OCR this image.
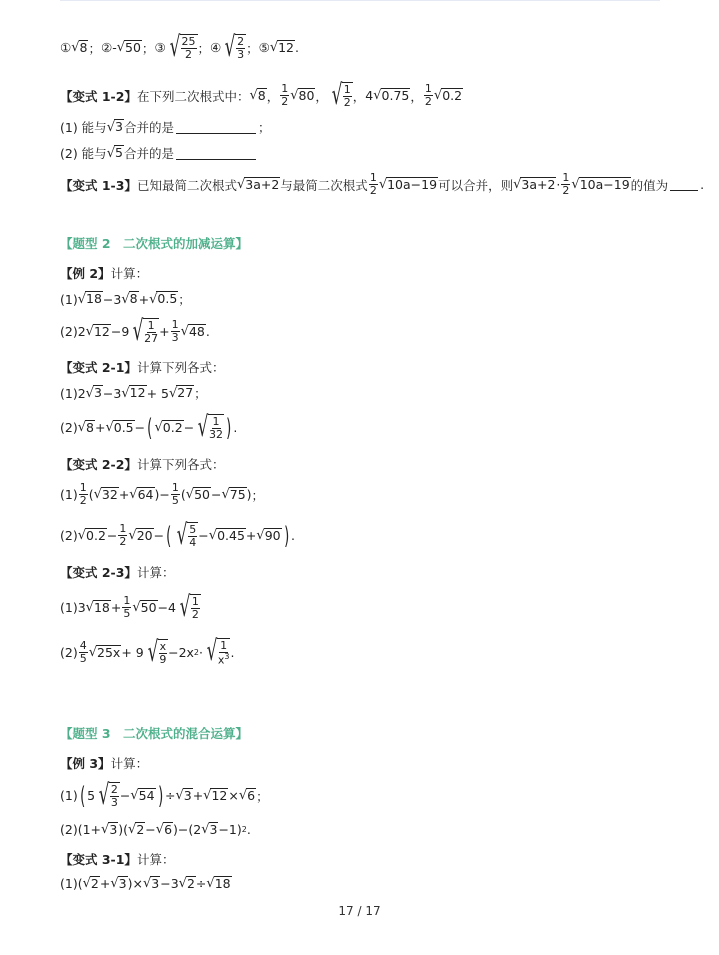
① √ 8 ； ② - √ 50 ； ③ √ $\frac{25}{2}$ ； ④ √ $\frac{2}{3}$ ； ⑤ √ 12 .
【变式 1-2】 在下列二次根式中： √ 8 ， $\frac{1}{2}$ √ 80 ， √ $\frac{1}{2}$ ， 4 √ 0.75 ， $\frac{1}{2}$ √ 0.2
(1) 能与 √ 3 合并的是	；
(2) 能与 √ 5 合并的是
【变式 1-3】 已知最简二次根式 √ 3a+2 与最简二次根式 $\frac{1}{2}$ √ 10a−19 可以合并，则 √ $3a+2 \cdot \frac{1}{2}$ √ 10a−19 的值为	.
【题型 2　二次根式的加减运算】
【例 2】 计算：
(1) √ 18 −3 √ 8 + √ 0.5 ；
(2)2 √ 12 −9 √ $\frac{1}{27} + \frac{1}{3}$ √ 48 .
【变式 2-1】 计算下列各式：
(1)2 √ 3 −3 √ 12 + 5 √ 27 ；
(2) √ 8 + √ 0.5 − ( √ 0.2 − √ $\frac{1}{32}$ ) .
【变式 2-2】 计算下列各式：
$(1) \frac{1}{2}$ ( √ 32 + √ 64 ) − $\frac{1}{5}$ ( √ 50 − √ 75 ) ；
(2) √ $0.2 - \frac{1}{2}$ √ 20 − ( √ $\frac{5}{4}$ − √ 0.45 + √ 90 ) .
【变式 2-3】 计算：
(1)3 √ $18 + \frac{1}{5}$ √ 50 −4 √ $\frac{1}{2}$
$(2) \frac{4}{5}$ √ 25x + 9 √ $\frac{x}{9} -2x$ 2 · √ $\frac{1}{x^3}$ .
【题型 3　二次根式的混合运算】
【例 3】 计算：
(1) ( 5 √ $\frac{2}{3}$ − √ 54 ) ÷ √ 3 + √ 12 × √ 6 ；
(2)(1+ √ 3 )( √ 2 − √ 6 )−(2 √ 3 −1) 2 .
【变式 3-1】 计算：
(1) ( √ 2 + √ 3 ) × √ 3 −3 √ 2 ÷ √ 18
17 / 17
